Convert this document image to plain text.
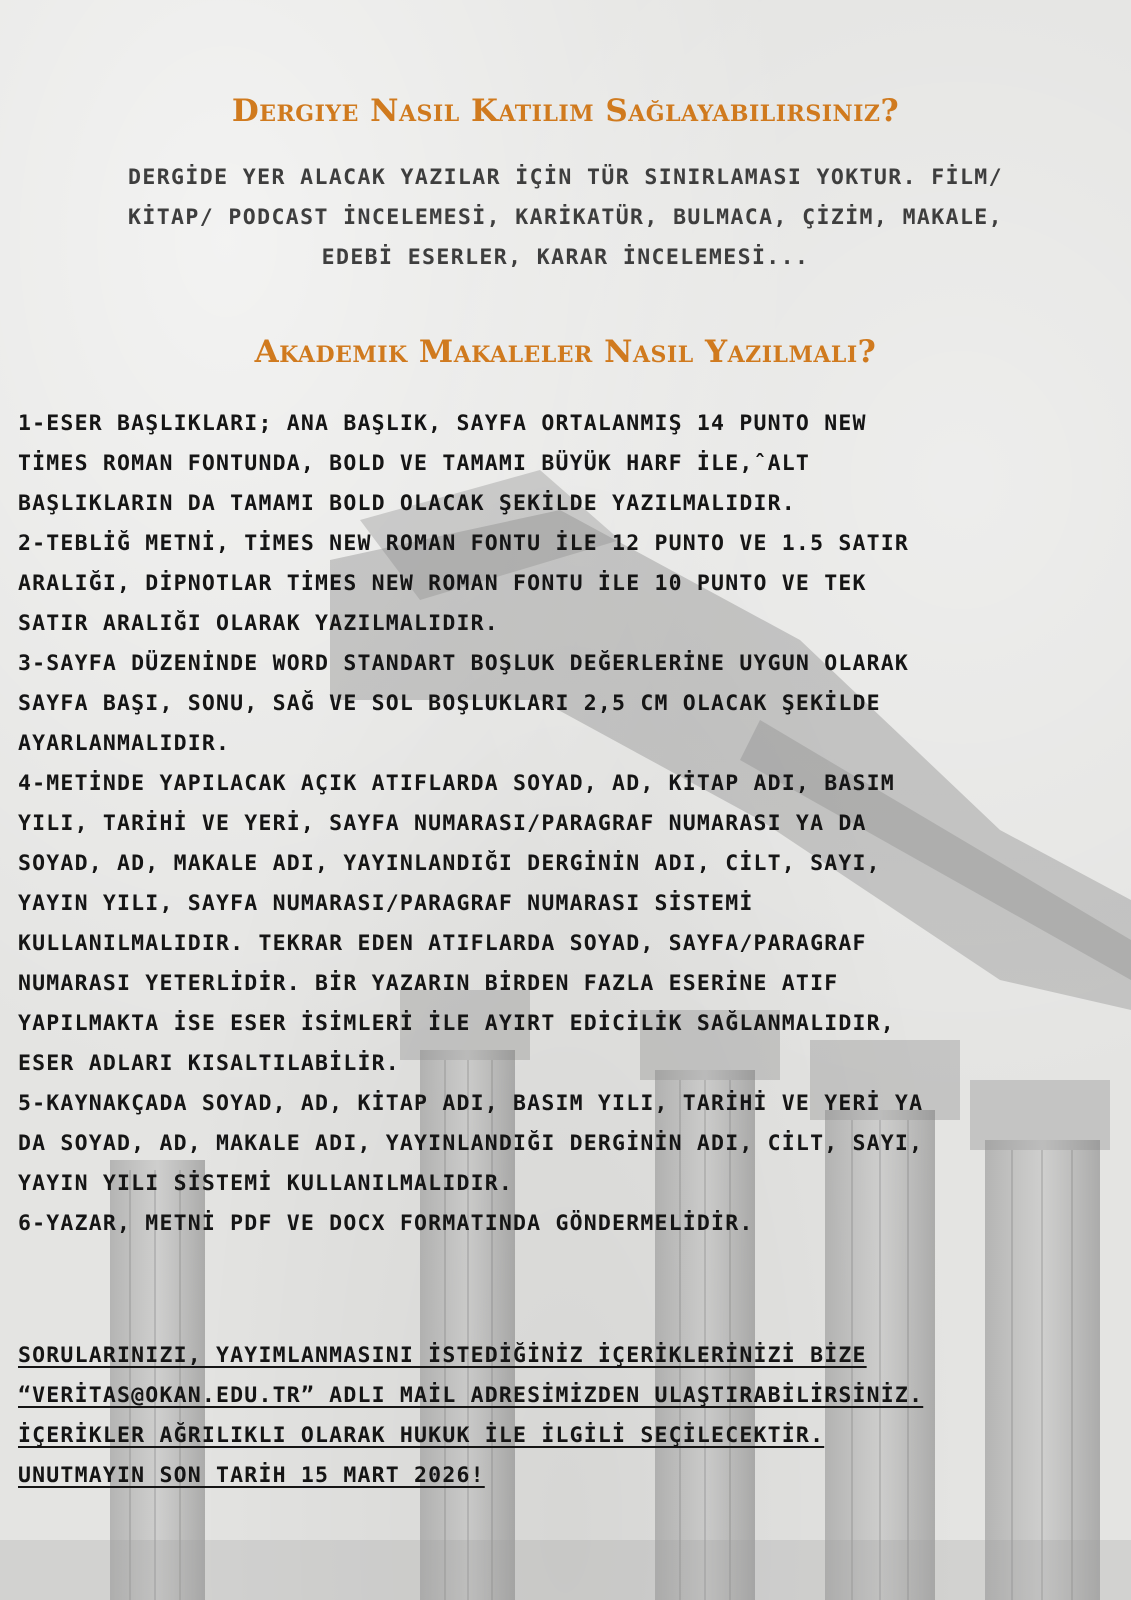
Dergiye Nasıl Katılım Sağlayabilirsiniz?
DERGİDE YER ALACAK YAZILAR İÇİN TÜR SINIRLAMASI YOKTUR. FİLM/
KİTAP/ PODCAST İNCELEMESİ, KARİKATÜR, BULMACA, ÇİZİM, MAKALE,
EDEBİ ESERLER, KARAR İNCELEMESİ...
Akademik Makaleler Nasıl Yazılmalı?
1-ESER BAŞLIKLARI; ANA BAŞLIK, SAYFA ORTALANMIŞ 14 PUNTO NEW
TİMES ROMAN FONTUNDA, BOLD VE TAMAMI BÜYÜK HARF İLE,ˆALT
BAŞLIKLARIN DA TAMAMI BOLD OLACAK ŞEKİLDE YAZILMALIDIR.
2-TEBLİĞ METNİ, TİMES NEW ROMAN FONTU İLE 12 PUNTO VE 1.5 SATIR
ARALIĞI, DİPNOTLAR TİMES NEW ROMAN FONTU İLE 10 PUNTO VE TEK
SATIR ARALIĞI OLARAK YAZILMALIDIR.
3-SAYFA DÜZENİNDE WORD STANDART BOŞLUK DEĞERLERİNE UYGUN OLARAK
SAYFA BAŞI, SONU, SAĞ VE SOL BOŞLUKLARI 2,5 CM OLACAK ŞEKİLDE
AYARLANMALIDIR.
4-METİNDE YAPILACAK AÇIK ATIFLARDA SOYAD, AD, KİTAP ADI, BASIM
YILI, TARİHİ VE YERİ, SAYFA NUMARASI/PARAGRAF NUMARASI YA DA
SOYAD, AD, MAKALE ADI, YAYINLANDIĞI DERGİNİN ADI, CİLT, SAYI,
YAYIN YILI, SAYFA NUMARASI/PARAGRAF NUMARASI SİSTEMİ
KULLANILMALIDIR. TEKRAR EDEN ATIFLARDA SOYAD, SAYFA/PARAGRAF
NUMARASI YETERLİDİR. BİR YAZARIN BİRDEN FAZLA ESERİNE ATIF
YAPILMAKTA İSE ESER İSİMLERİ İLE AYIRT EDİCİLİK SAĞLANMALIDIR,
ESER ADLARI KISALTILABİLİR.
5-KAYNAKÇADA SOYAD, AD, KİTAP ADI, BASIM YILI, TARİHİ VE YERİ YA
DA SOYAD, AD, MAKALE ADI, YAYINLANDIĞI DERGİNİN ADI, CİLT, SAYI,
YAYIN YILI SİSTEMİ KULLANILMALIDIR.
6-YAZAR, METNİ PDF VE DOCX FORMATINDA GÖNDERMELİDİR.
SORULARINIZI, YAYIMLANMASINI İSTEDİĞİNİZ İÇERİKLERİNİZİ BİZE
“VERİTAS@OKAN.EDU.TR” ADLI MAİL ADRESİMİZDEN ULAŞTIRABİLİRSİNİZ.
İÇERİKLER AĞRILIKLI OLARAK HUKUK İLE İLGİLİ SEÇİLECEKTİR.
UNUTMAYIN SON TARİH 15 MART 2026!
